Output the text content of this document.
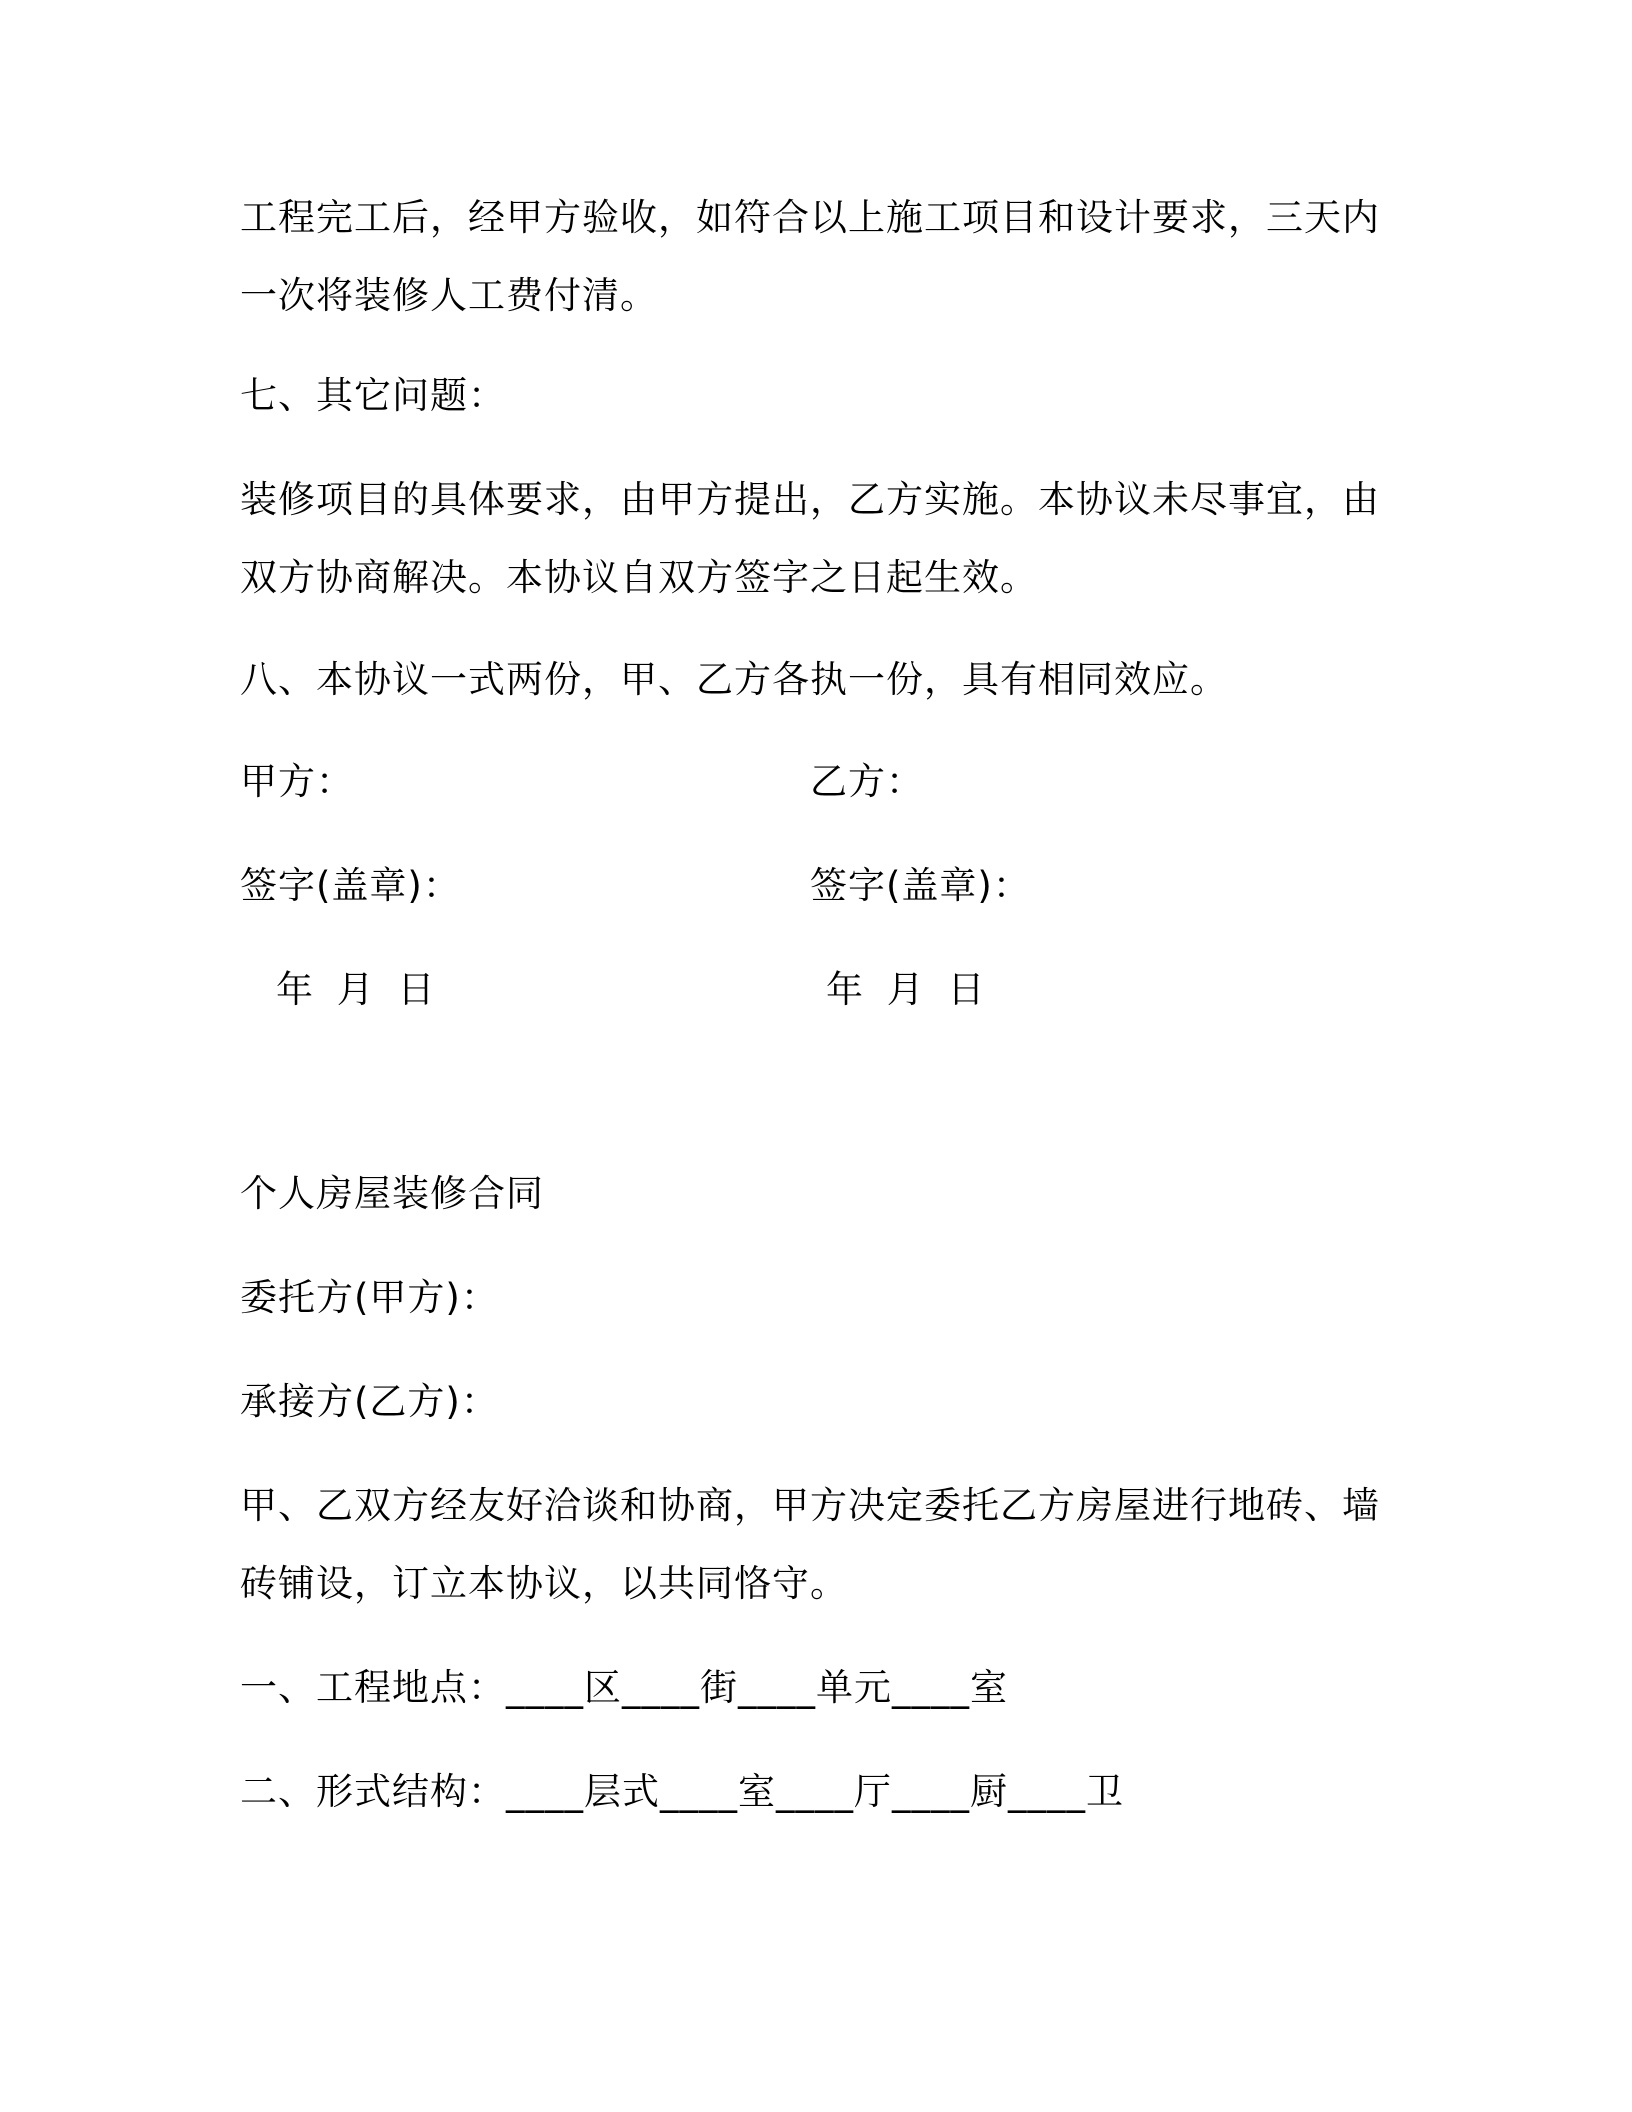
工程完工后，经甲方验收，如符合以上施工项目和设计要求，三天内
一次将装修人工费付清。
七、其它问题：
装修项目的具体要求，由甲方提出，乙方实施。本协议未尽事宜，由
双方协商解决。本协议自双方签字之日起生效。
八、本协议一式两份，甲、乙方各执一份，具有相同效应。
甲方：	乙方：
签字(盖章)：	签字(盖章)：
年 月 日	年 月 日
个人房屋装修合同
委托方(甲方)：
承接方(乙方)：
甲、乙双方经友好洽谈和协商，甲方决定委托乙方房屋进行地砖、墙
砖铺设，订立本协议，以共同恪守。
一、工程地点：____区____街____单元____室
二、形式结构：____层式____室____厅____厨____卫
